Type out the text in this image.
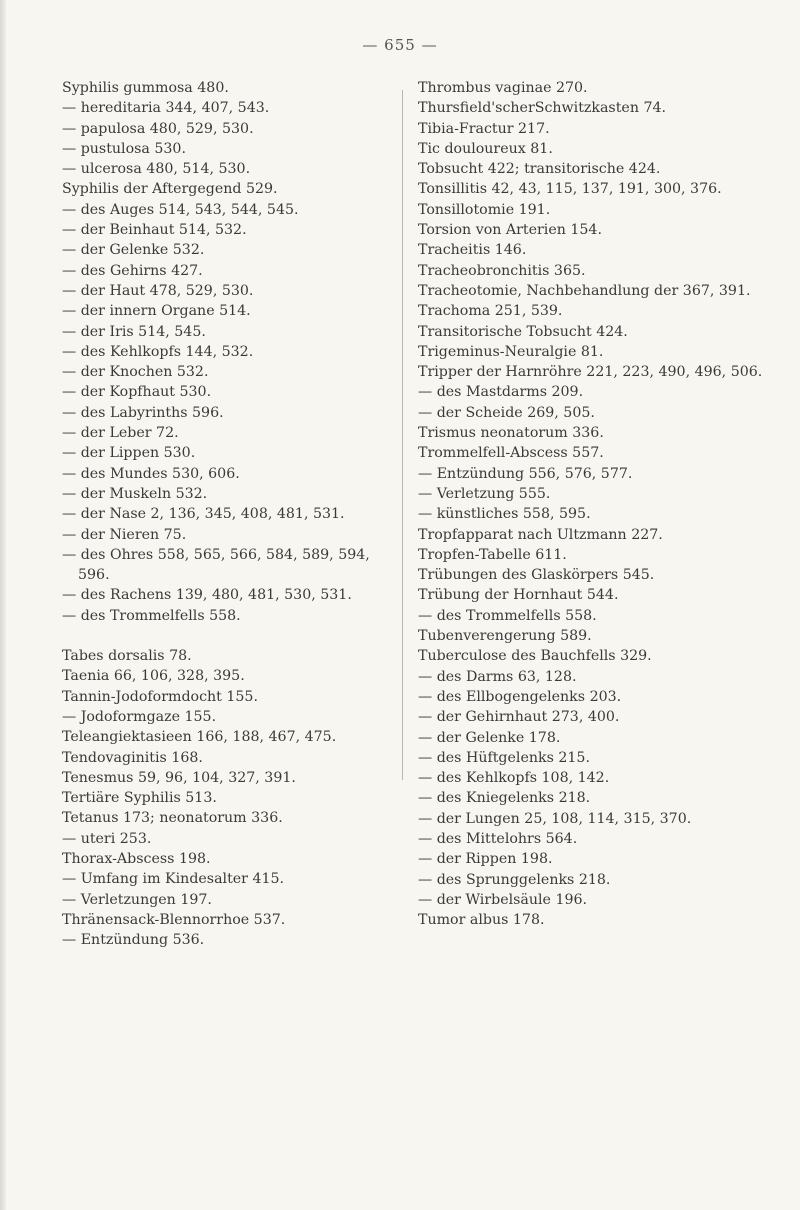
— 655 —

Syphilis gummosa 480.

— hereditaria 344, 407, 543.

— papulosa 480, 529, 530.

— pustulosa 530.

— ulcerosa 480, 514, 530.

Syphilis der Aftergegend 529.

— des Auges 514, 543, 544, 545.

— der Beinhaut 514, 532.

— der Gelenke 532.

— des Gehirns 427.

— der Haut 478, 529, 530.

— der innern Organe 514.

— der Iris 514, 545.

— des Kehlkopfs 144, 532.

— der Knochen 532.

— der Kopfhaut 530.

— des Labyrinths 596.

— der Leber 72.

— der Lippen 530.

— des Mundes 530, 606.

— der Muskeln 532.

— der Nase 2, 136, 345, 408, 481, 531.

— der Nieren 75.

— des Ohres 558, 565, 566, 584, 589, 594, 596.

— des Rachens 139, 480, 481, 530, 531.

— des Trommelfells 558.

Tabes dorsalis 78.

Taenia 66, 106, 328, 395.

Tannin-Jodoformdocht 155.

— Jodoformgaze 155.

Teleangiektasieen 166, 188, 467, 475.

Tendovaginitis 168.

Tenesmus 59, 96, 104, 327, 391.

Tertiäre Syphilis 513.

Tetanus 173; neonatorum 336.

— uteri 253.

Thorax-Abscess 198.

— Umfang im Kindesalter 415.

— Verletzungen 197.

Thränensack-Blennorrhoe 537.

— Entzündung 536.

Thrombus vaginae 270.

Thursfield'scherSchwitzkasten 74.

Tibia-Fractur 217.

Tic douloureux 81.

Tobsucht 422; transitorische 424.

Tonsillitis 42, 43, 115, 137, 191, 300, 376.

Tonsillotomie 191.

Torsion von Arterien 154.

Tracheitis 146.

Tracheobronchitis 365.

Tracheotomie, Nachbehandlung der 367, 391.

Trachoma 251, 539.

Transitorische Tobsucht 424.

Trigeminus-Neuralgie 81.

Tripper der Harnröhre 221, 223, 490, 496, 506.

— des Mastdarms 209.

— der Scheide 269, 505.

Trismus neonatorum 336.

Trommelfell-Abscess 557.

— Entzündung 556, 576, 577.

— Verletzung 555.

— künstliches 558, 595.

Tropfapparat nach Ultzmann 227.

Tropfen-Tabelle 611.

Trübungen des Glaskörpers 545.

Trübung der Hornhaut 544.

— des Trommelfells 558.

Tubenverengerung 589.

Tuberculose des Bauchfells 329.

— des Darms 63, 128.

— des Ellbogengelenks 203.

— der Gehirnhaut 273, 400.

— der Gelenke 178.

— des Hüftgelenks 215.

— des Kehlkopfs 108, 142.

— des Kniegelenks 218.

— der Lungen 25, 108, 114, 315, 370.

— des Mittelohrs 564.

— der Rippen 198.

— des Sprunggelenks 218.

— der Wirbelsäule 196.

Tumor albus 178.
